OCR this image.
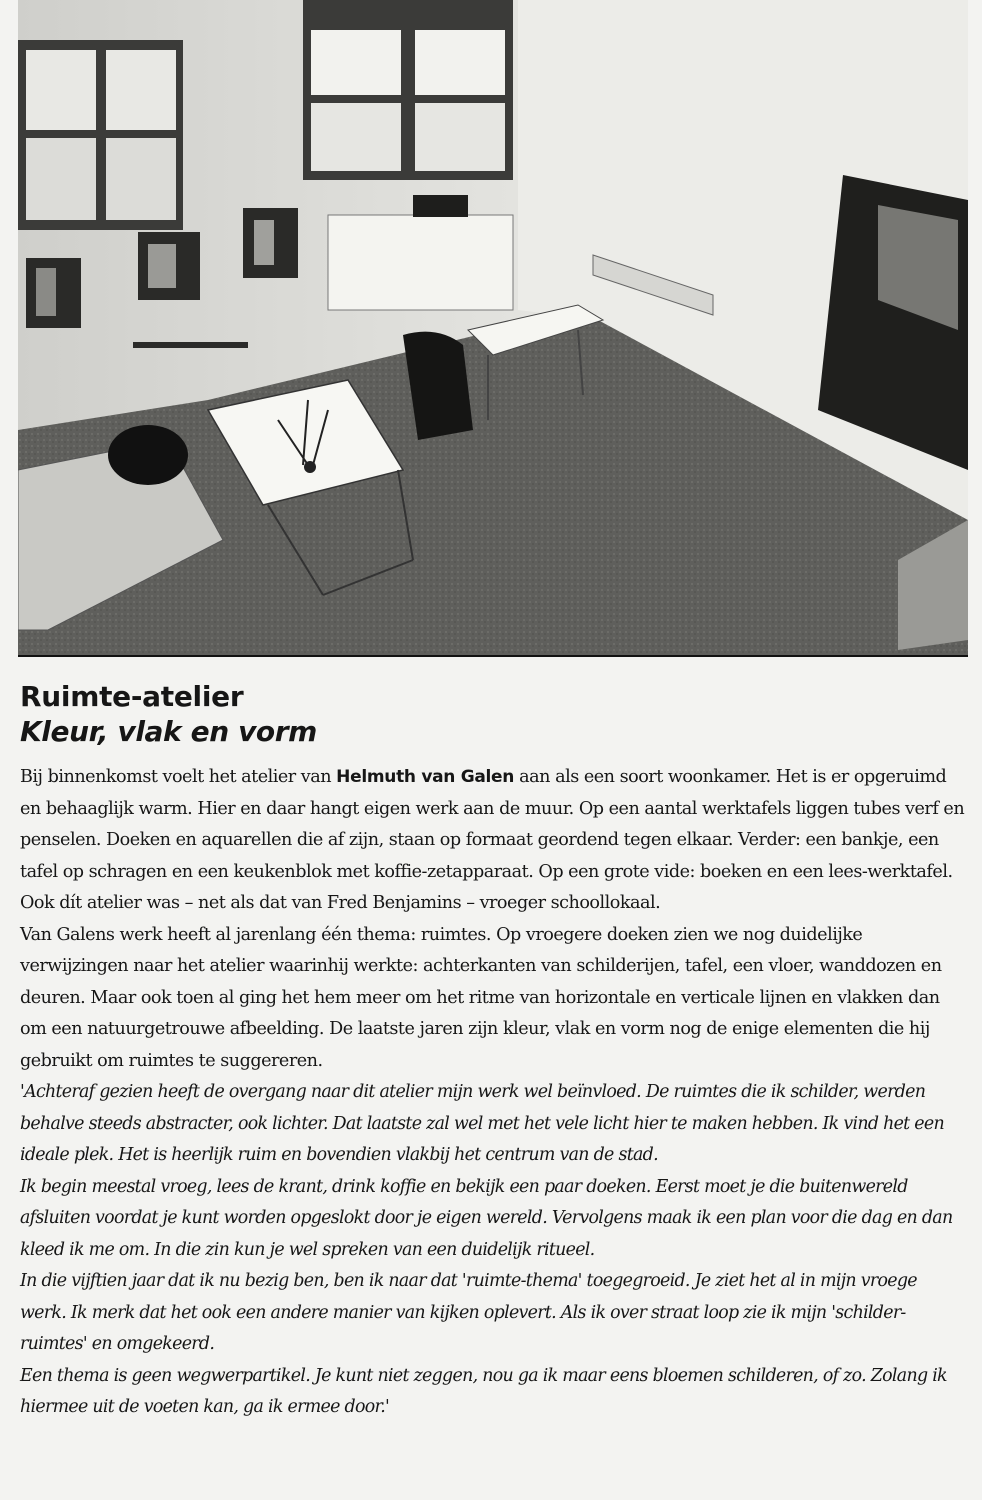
Ruimte-atelier
Kleur, vlak en vorm

Bij binnenkomst voelt het atelier van Helmuth van Galen aan als een soort woonkamer. Het is er opgeruimd en behaaglijk warm. Hier en daar hangt eigen werk aan de muur. Op een aantal werktafels liggen tubes verf en penselen. Doeken en aquarellen die af zijn, staan op formaat geordend tegen elkaar. Verder: een bankje, een tafel op schragen en een keukenblok met koffie-zetapparaat. Op een grote vide: boeken en een lees-werktafel. Ook dít atelier was – net als dat van Fred Benjamins – vroeger schoollokaal.

Van Galens werk heeft al jarenlang één thema: ruimtes. Op vroegere doeken zien we nog duidelijke verwijzingen naar het atelier waarinhij werkte: achterkanten van schilderijen, tafel, een vloer, wanddozen en deuren. Maar ook toen al ging het hem meer om het ritme van horizontale en verticale lijnen en vlakken dan om een natuurgetrouwe afbeelding. De laatste jaren zijn kleur, vlak en vorm nog de enige elementen die hij gebruikt om ruimtes te suggereren.

'Achteraf gezien heeft de overgang naar dit atelier mijn werk wel beïnvloed. De ruimtes die ik schilder, werden behalve steeds abstracter, ook lichter. Dat laatste zal wel met het vele licht hier te maken hebben. Ik vind het een ideale plek. Het is heerlijk ruim en bovendien vlakbij het centrum van de stad.

Ik begin meestal vroeg, lees de krant, drink koffie en bekijk een paar doeken. Eerst moet je die buitenwereld afsluiten voordat je kunt worden opgeslokt door je eigen wereld. Vervolgens maak ik een plan voor die dag en dan kleed ik me om. In die zin kun je wel spreken van een duidelijk ritueel.

In die vijftien jaar dat ik nu bezig ben, ben ik naar dat 'ruimte-thema' toegegroeid. Je ziet het al in mijn vroege werk. Ik merk dat het ook een andere manier van kijken oplevert. Als ik over straat loop zie ik mijn 'schilder-ruimtes' en omgekeerd.

Een thema is geen wegwerpartikel. Je kunt niet zeggen, nou ga ik maar eens bloemen schilderen, of zo. Zolang ik hiermee uit de voeten kan, ga ik ermee door.'
